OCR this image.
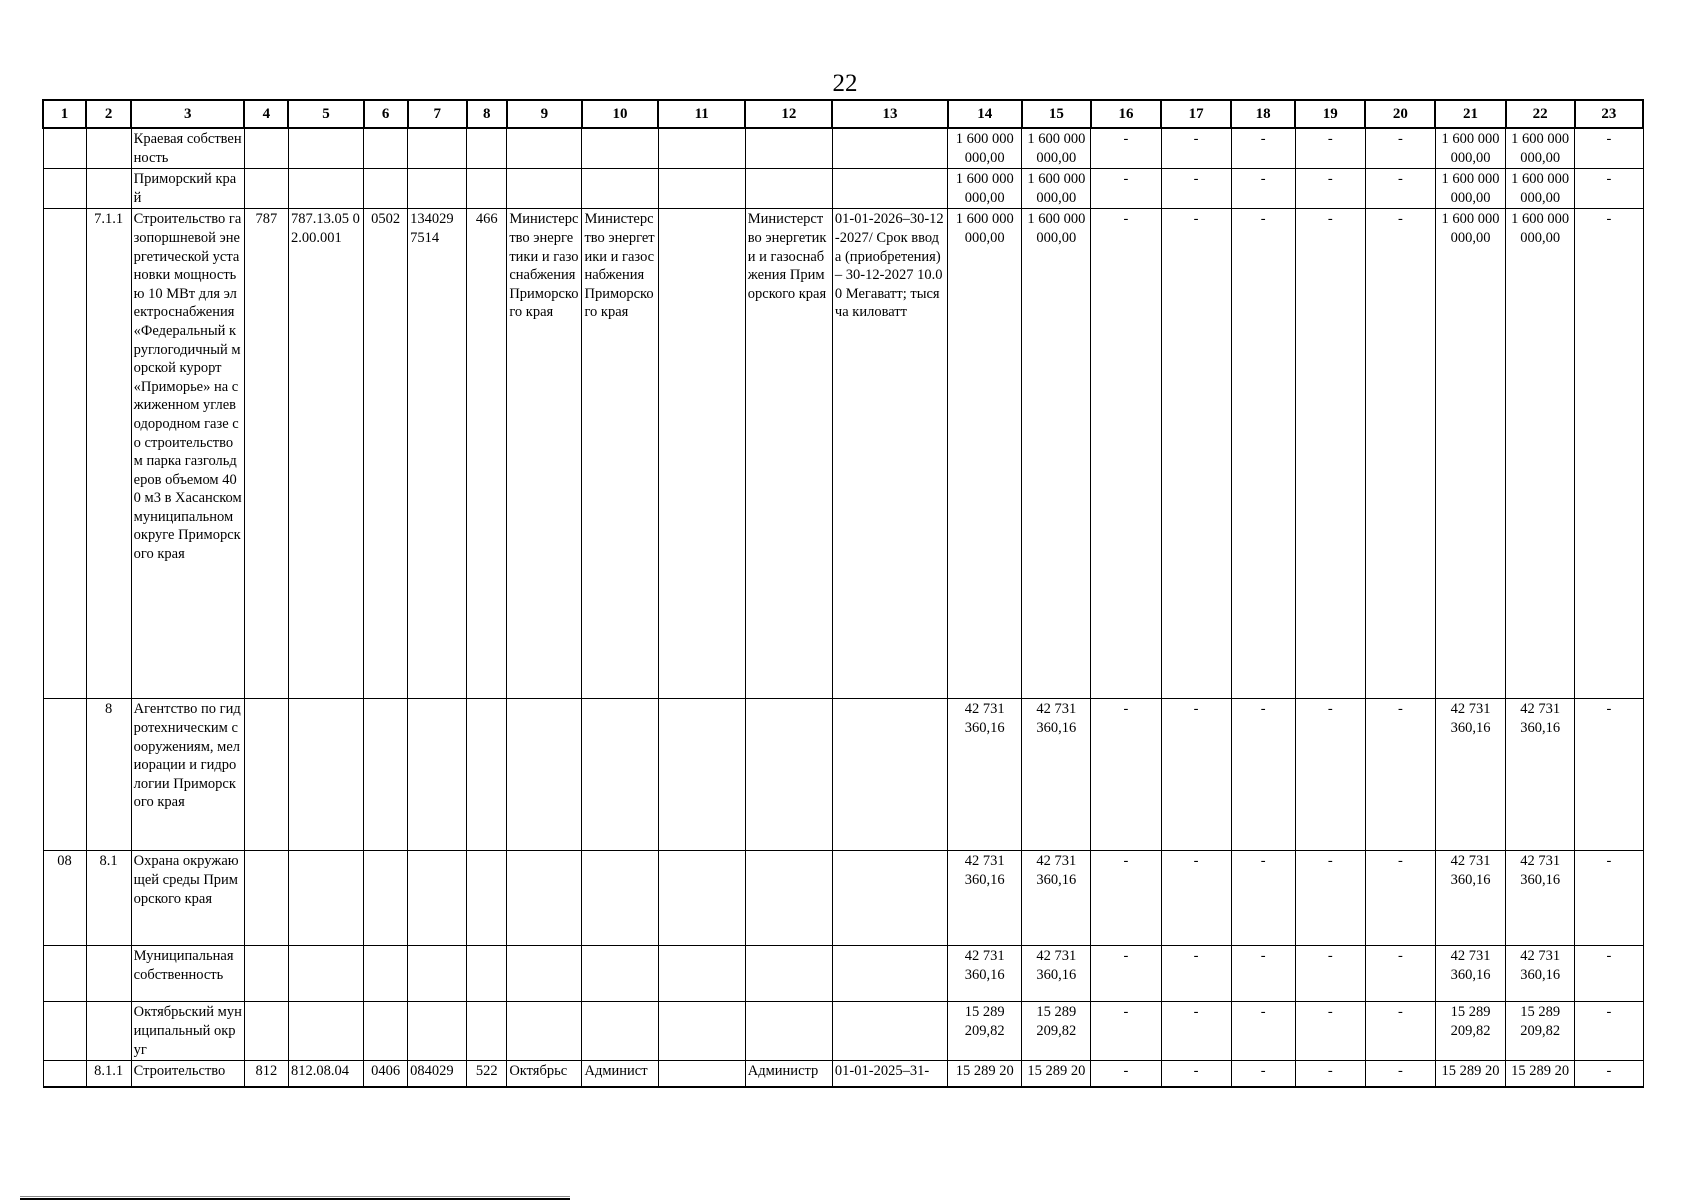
22
1	2	3	4	5	6	7	8	9	10	11	12	13	14	15	16	17	18	19	20	21	22	23
		Краевая собственность											1 600 000 000,00	1 600 000 000,00	-	-	-	-	-	1 600 000 000,00	1 600 000 000,00	-
		Приморский край											1 600 000 000,00	1 600 000 000,00	-	-	-	-	-	1 600 000 000,00	1 600 000 000,00	-
	7.1.1	Строительство газопоршневой энергетической установки мощностью 10 МВт для электроснабжения «Федеральный круглогодичный морской курорт «Приморье» на сжиженном углеводородном газе со строительством парка газгольдеров объемом 400 м3 в Хасанском муниципальном округе Приморского края	787	787.13.05 02.00.001	0502	134029 7514	466	Министерство энергетики и газоснабжения Приморского края	Министерство энергетики и газоснабжения Приморского края		Министерство энергетики и газоснабжения Приморского края	01-01-2026–30-12-2027/ Срок ввода (приобретения) – 30-12-2027 10.00 Мегаватт; тысяча киловатт	1 600 000 000,00	1 600 000 000,00	-	-	-	-	-	1 600 000 000,00	1 600 000 000,00	-
	8	Агентство по гидротехническим сооружениям, мелиорации и гидрологии Приморского края											42 731 360,16	42 731 360,16	-	-	-	-	-	42 731 360,16	42 731 360,16	-
08	8.1	Охрана окружающей среды Приморского края											42 731 360,16	42 731 360,16	-	-	-	-	-	42 731 360,16	42 731 360,16	-
		Муниципальная собственность											42 731 360,16	42 731 360,16	-	-	-	-	-	42 731 360,16	42 731 360,16	-
		Октябрьский муниципальный округ											15 289 209,82	15 289 209,82	-	-	-	-	-	15 289 209,82	15 289 209,82	-
	8.1.1	Строительство	812	812.08.04	0406	084029	522	Октябрьс	Админист		Администр	01-01-2025–31-	15 289 20	15 289 20	-	-	-	-	-	15 289 20	15 289 20	-
